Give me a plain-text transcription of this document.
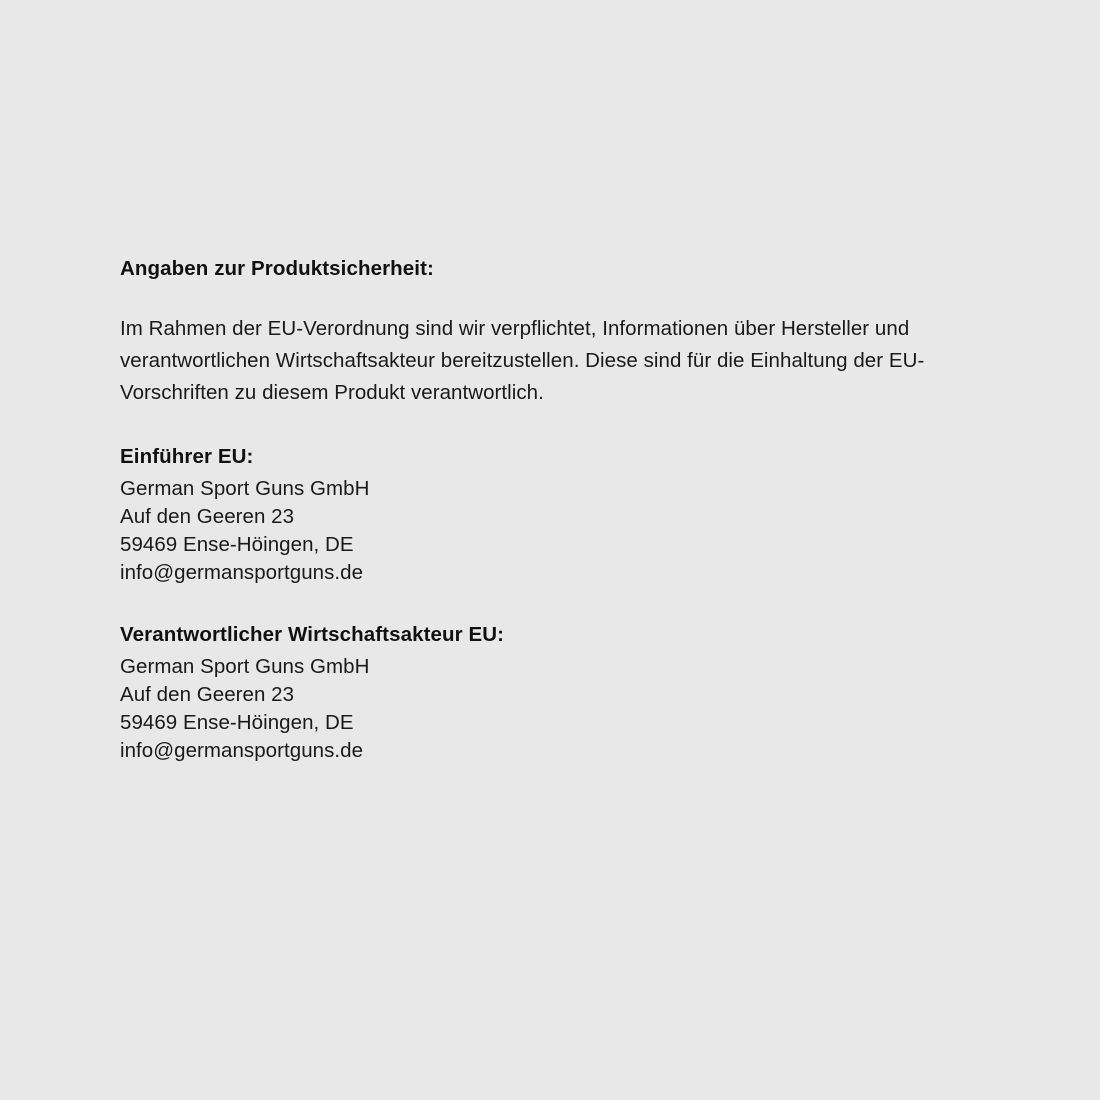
Angaben zur Produktsicherheit:

Im Rahmen der EU-Verordnung sind wir verpflichtet, Informationen über Hersteller und verantwortlichen Wirtschaftsakteur bereitzustellen. Diese sind für die Einhaltung der EU-Vorschriften zu diesem Produkt verantwortlich.

Einführer EU:
German Sport Guns GmbH
Auf den Geeren 23
59469 Ense-Höingen, DE
info@germansportguns.de
Verantwortlicher Wirtschaftsakteur EU:
German Sport Guns GmbH
Auf den Geeren 23
59469 Ense-Höingen, DE
info@germansportguns.de
